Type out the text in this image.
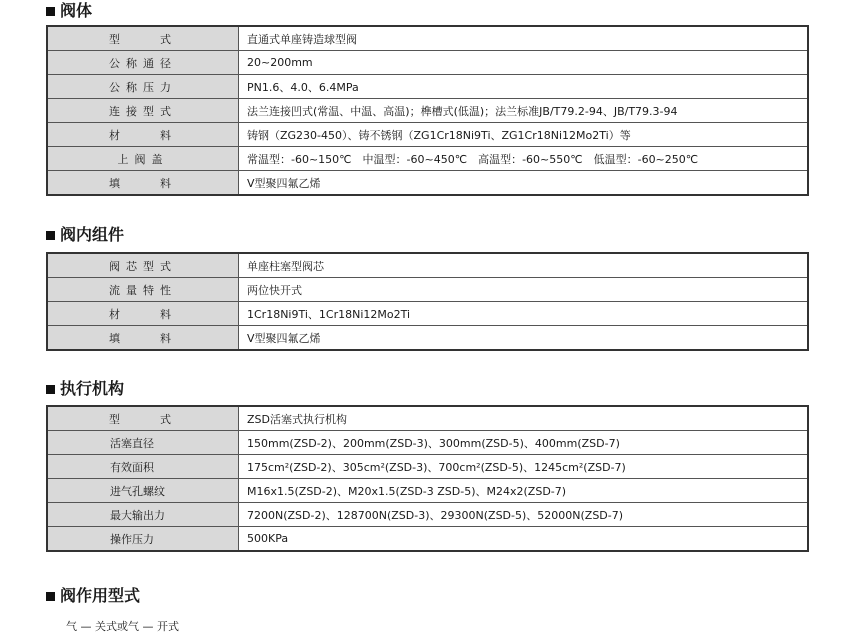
阀体
型　　式	直通式单座铸造球型阀

公称通径	20~200mm

公称压力	PN1.6、4.0、6.4MPa

连接型式	法兰连接凹式(常温、中温、高温)；榫槽式(低温)；法兰标准JB/T79.2-94、JB/T79.3-94

材　　料	铸钢（ZG230-450）、铸不锈钢（ZG1Cr18Ni9Ti、ZG1Cr18Ni12Mo2Ti）等

上阀盖	常温型：-60~150℃　中温型：-60~450℃　高温型：-60~550℃　低温型：-60~250℃

填　　料	V型聚四氟乙烯
阀内组件
阀芯型式	单座柱塞型阀芯

流量特性	两位快开式

材　　料	1Cr18Ni9Ti、1Cr18Ni12Mo2Ti

填　　料	V型聚四氟乙烯
执行机构
型　　式	ZSD活塞式执行机构

活塞直径	150mm(ZSD-2)、200mm(ZSD-3)、300mm(ZSD-5)、400mm(ZSD-7)

有效面积	175cm²(ZSD-2)、305cm²(ZSD-3)、700cm²(ZSD-5)、1245cm²(ZSD-7)

进气孔螺纹	M16x1.5(ZSD-2)、M20x1.5(ZSD-3 ZSD-5)、M24x2(ZSD-7)

最大输出力	7200N(ZSD-2)、128700N(ZSD-3)、29300N(ZSD-5)、52000N(ZSD-7)

操作压力	500KPa
阀作用型式
气 — 关式或气 — 开式
